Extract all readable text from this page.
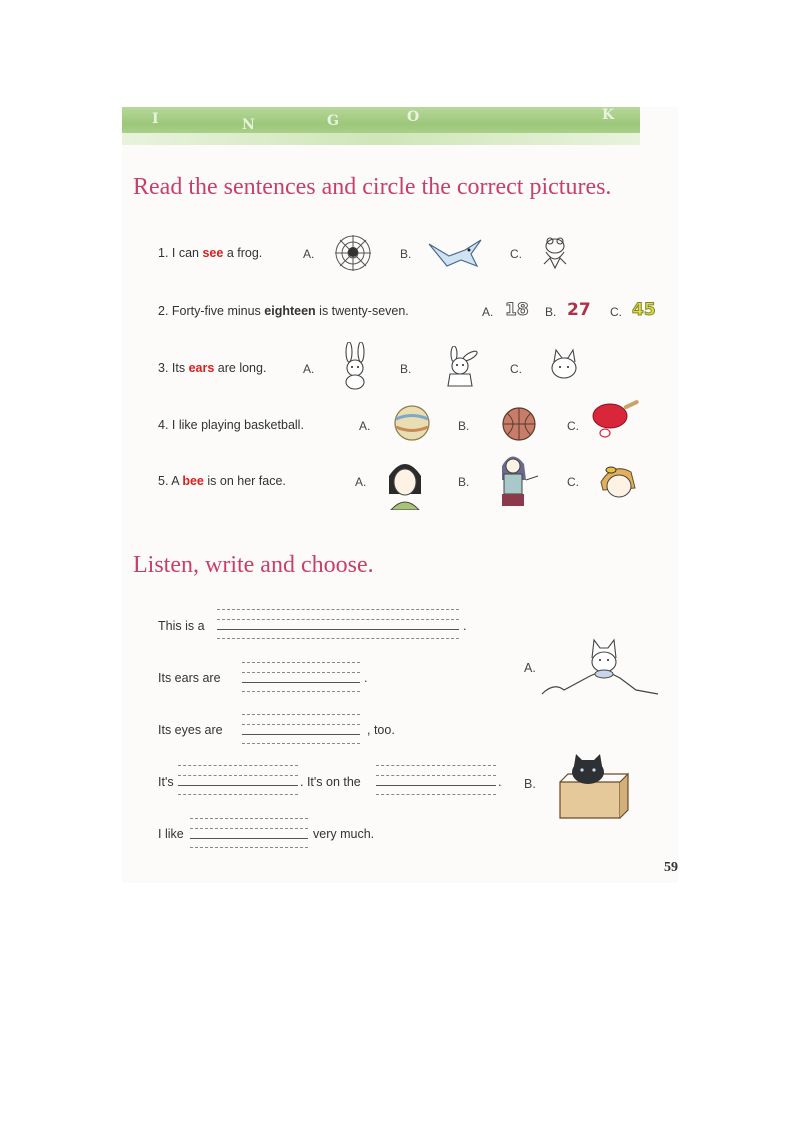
I	N	G	O	K
Read the sentences and circle the correct pictures.
1. I can see a frog.	A.	B.	C.
2. Forty-five minus eighteen is twenty-seven.	A. 18 B. 27 C. 45
3. Its ears are long.	A.	B.	C.
4. I like playing basketball.	A.	B.	C.
5. A bee is on her face.	A.	B.	C.
Listen, write and choose.
This is a	.
Its ears are	.
Its eyes are	, too.
It's	. It's on the	.
I like	very much.
A.
B.
59
